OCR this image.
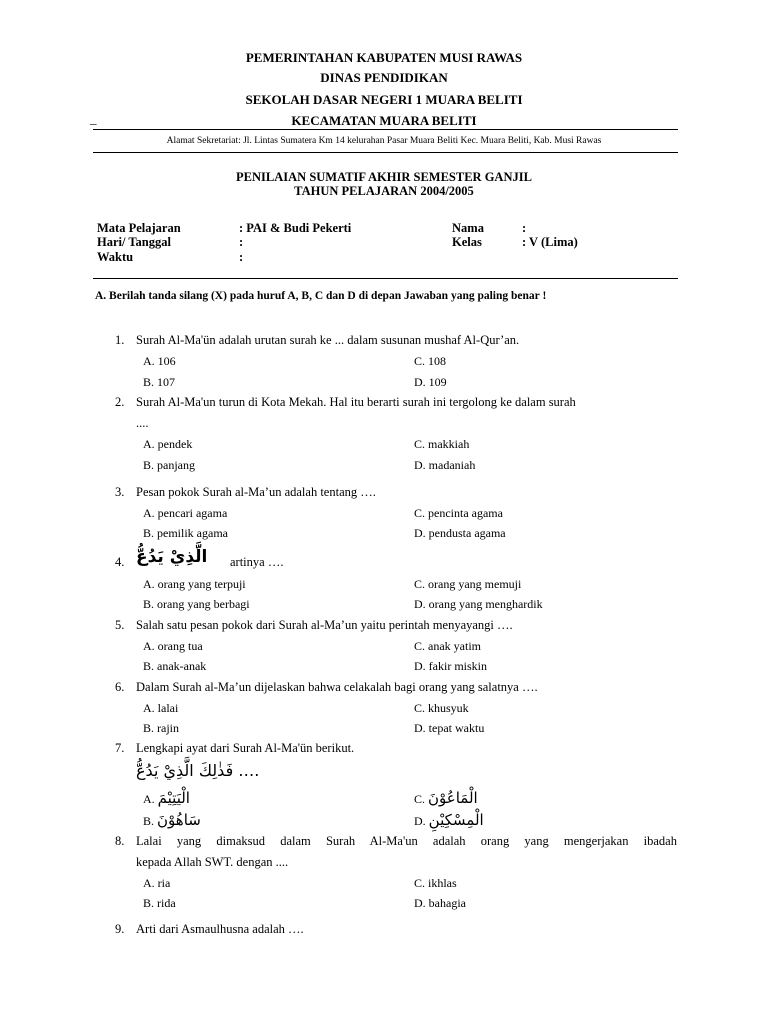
PEMERINTAHAN KABUPATEN MUSI RAWAS
DINAS PENDIDIKAN
SEKOLAH DASAR NEGERI 1 MUARA BELITI
KECAMATAN MUARA BELITI
_
Alamat Sekretariat: Jl. Lintas Sumatera Km 14 kelurahan Pasar Muara Beliti Kec. Muara Beliti, Kab. Musi Rawas
PENILAIAN SUMATIF AKHIR SEMESTER GANJIL
TAHUN PELAJARAN 2004/2005
Mata Pelajaran	: PAI & Budi Pekerti
Hari/ Tanggal	:
Waktu	:
Nama	:
Kelas	: V (Lima)
A. Berilah tanda silang (X) pada huruf A, B, C dan D di depan Jawaban yang paling benar !
1. Surah Al-Ma'ün adalah urutan surah ke ... dalam susunan mushaf Al-Qur’an.
A. 106
B. 107
C. 108
D. 109
2. Surah Al-Ma'un turun di Kota Mekah. Hal itu berarti surah ini tergolong ke dalam surah
....
A. pendek
B. panjang
C. makkiah
D. madaniah
3. Pesan pokok Surah al-Ma’un adalah tentang ….
A. pencari agama
B. pemilik agama
C. pencinta agama
D. pendusta agama
4. الَّذِيْ يَدُعُّ artinya ….
A. orang yang terpuji
B. orang yang berbagi
C. orang yang memuji
D. orang yang menghardik
5. Salah satu pesan pokok dari Surah al-Ma’un yaitu perintah menyayangi ….
A. orang tua
B. anak-anak
C. anak yatim
D. fakir miskin
6. Dalam Surah al-Ma’un dijelaskan bahwa celakalah bagi orang yang salatnya ….
A. lalai
B. rajin
C. khusyuk
D. tepat waktu
7. Lengkapi ayat dari Surah Al-Ma'ün berikut.
فَذٰلِكَ الَّذِيْ يَدُعُّ ….
A. الْيَتِيْمَ
B. سَاهُوْنَ
C. الْمَاعُوْنَ
D. الْمِسْكِيْنِ
8. Lalai yang dimaksud dalam Surah Al-Ma'un adalah orang yang mengerjakan ibadah
kepada Allah SWT. dengan ....
A. ria
B. rida
C. ikhlas
D. bahagia
9. Arti dari Asmaulhusna adalah ….
